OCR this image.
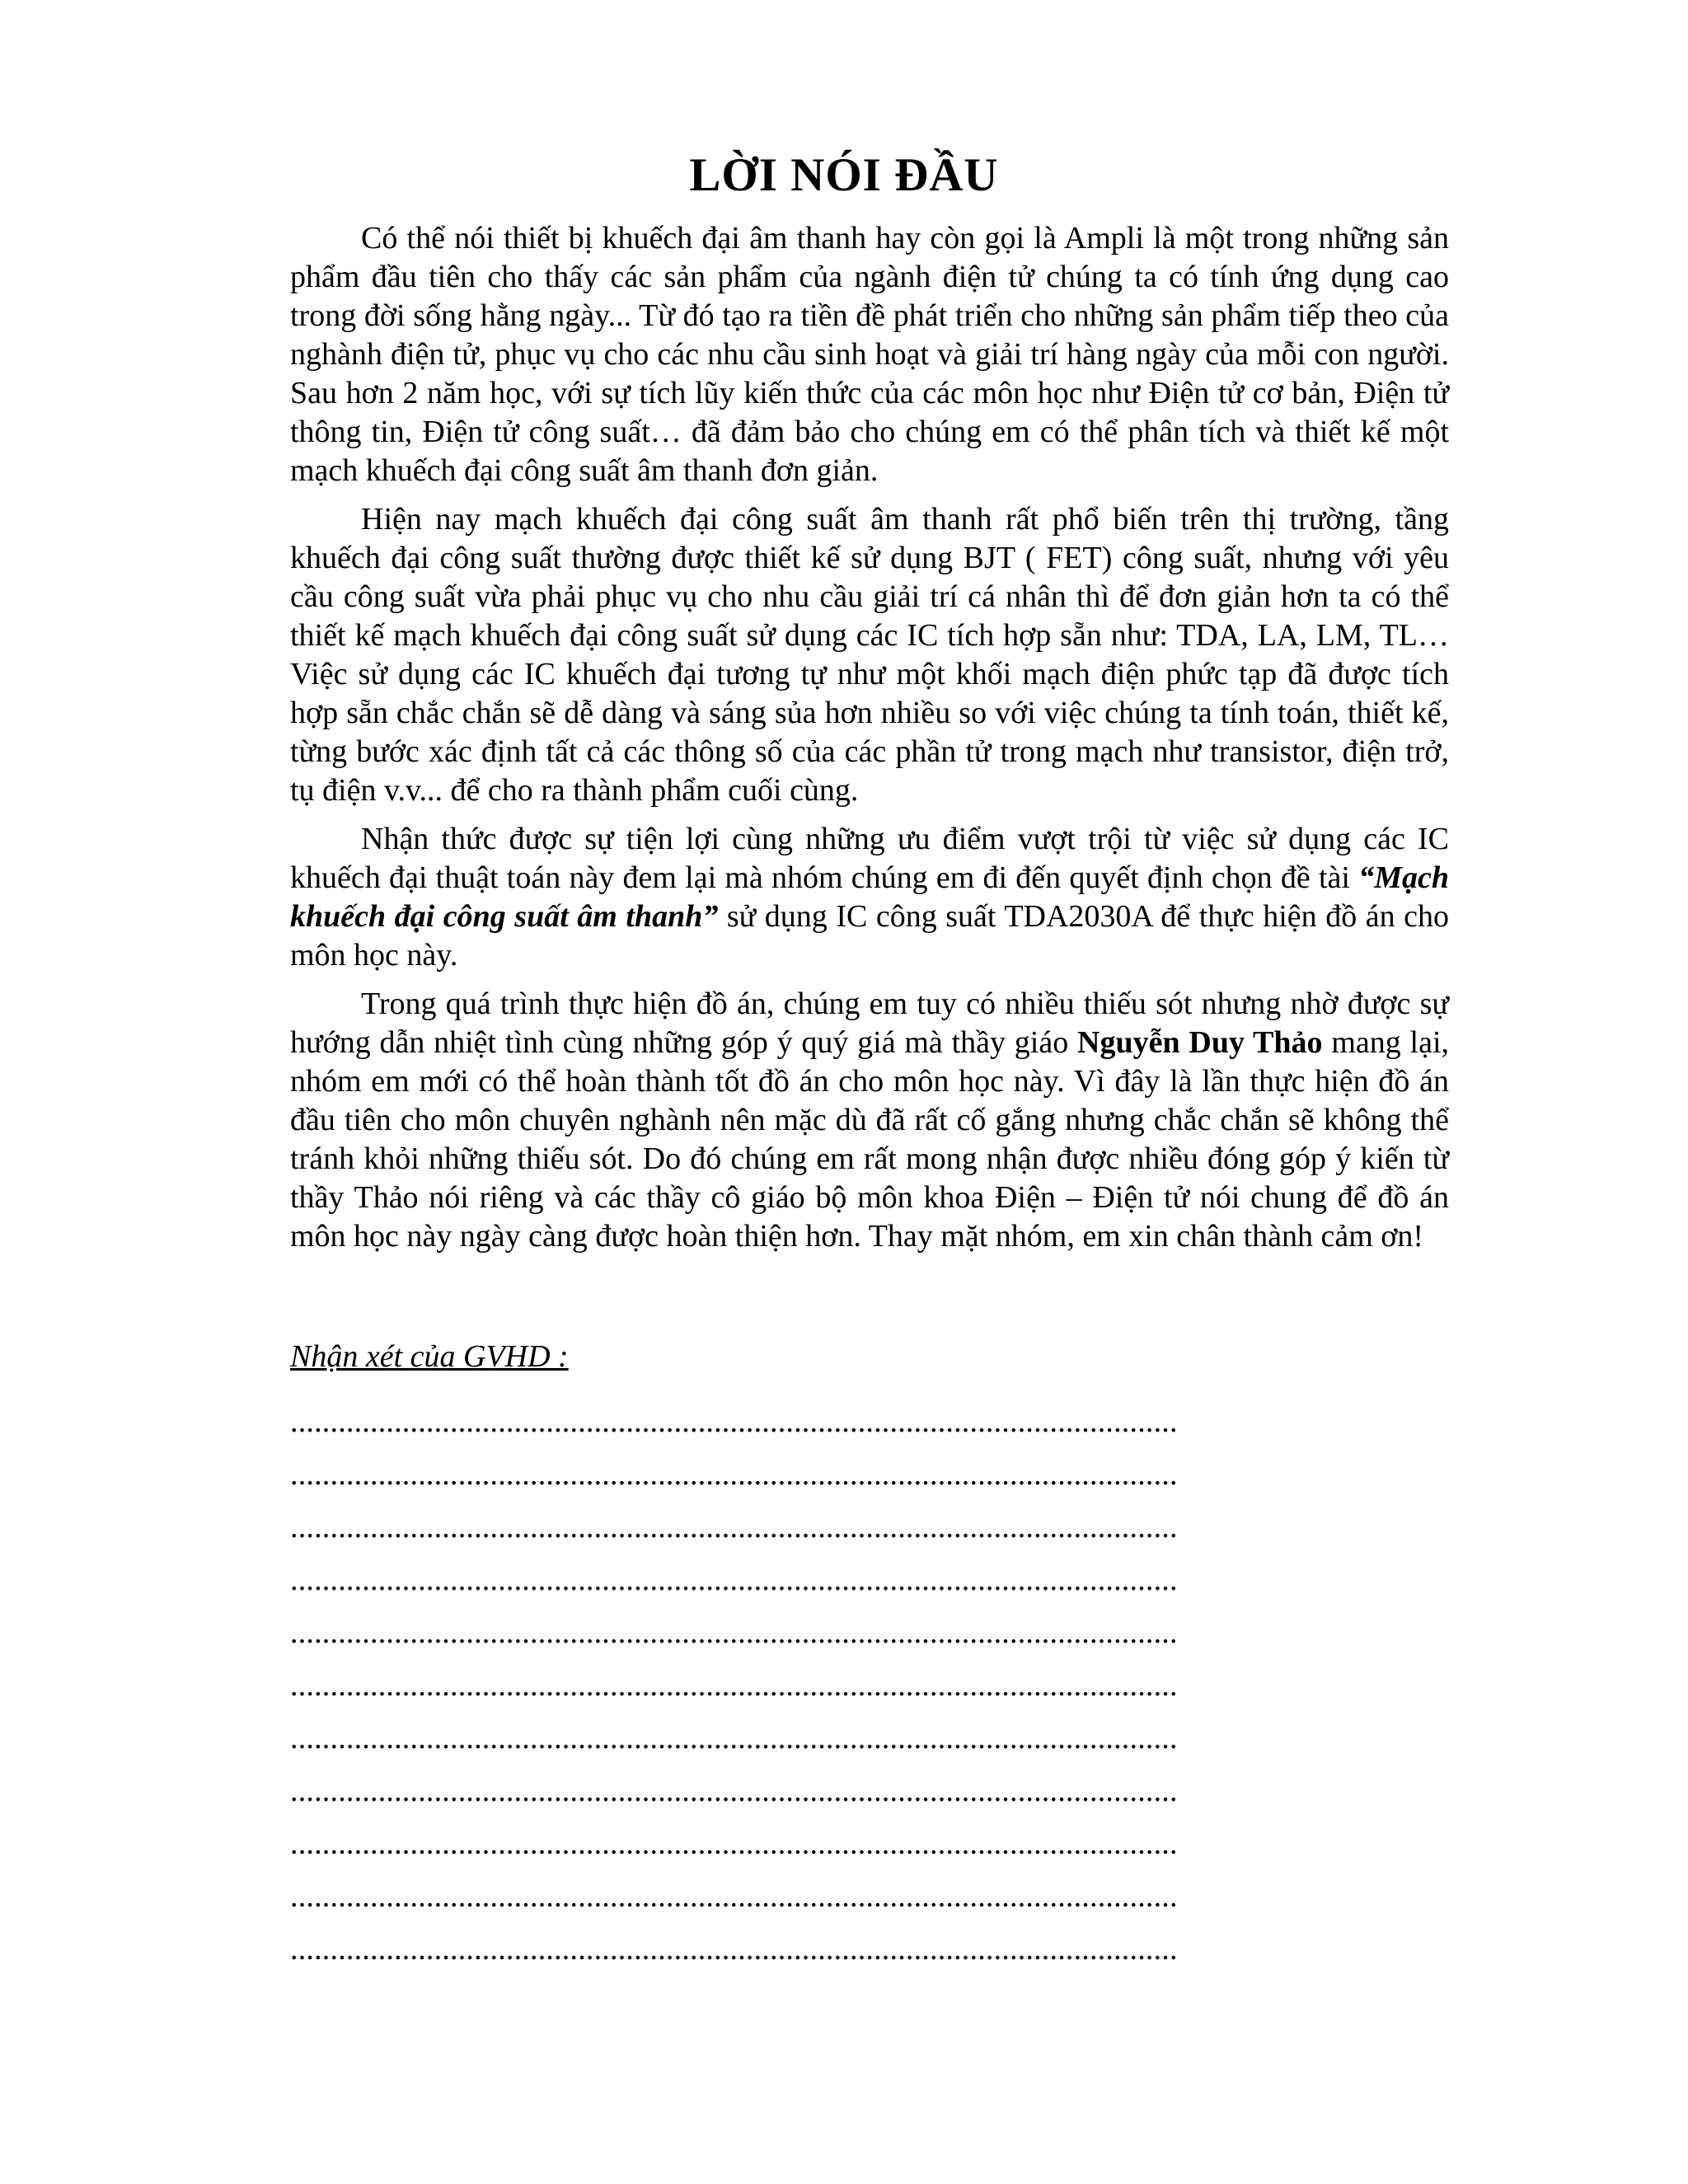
LỜI NÓI ĐẦU

Có thể nói thiết bị khuếch đại âm thanh hay còn gọi là Ampli là một trong những sản phẩm đầu tiên cho thấy các sản phẩm của ngành điện tử chúng ta có tính ứng dụng cao trong đời sống hằng ngày... Từ đó tạo ra tiền đề phát triển cho những sản phẩm tiếp theo của nghành điện tử, phục vụ cho các nhu cầu sinh hoạt và giải trí hàng ngày của mỗi con người. Sau hơn 2 năm học, với sự tích lũy kiến thức của các môn học như Điện tử cơ bản, Điện tử thông tin, Điện tử công suất… đã đảm bảo cho chúng em có thể phân tích và thiết kế một mạch khuếch đại công suất âm thanh đơn giản.

Hiện nay mạch khuếch đại công suất âm thanh rất phổ biến trên thị trường, tầng khuếch đại công suất thường được thiết kế sử dụng BJT ( FET) công suất, nhưng với yêu cầu công suất vừa phải phục vụ cho nhu cầu giải trí cá nhân thì để đơn giản hơn ta có thể thiết kế mạch khuếch đại công suất sử dụng các IC tích hợp sẵn như: TDA, LA, LM, TL… Việc sử dụng các IC khuếch đại tương tự như một khối mạch điện phức tạp đã được tích hợp sẵn chắc chắn sẽ dễ dàng và sáng sủa hơn nhiều so với việc chúng ta tính toán, thiết kế, từng bước xác định tất cả các thông số của các phần tử trong mạch như transistor, điện trở, tụ điện v.v... để cho ra thành phẩm cuối cùng.

Nhận thức được sự tiện lợi cùng những ưu điểm vượt trội từ việc sử dụng các IC khuếch đại thuật toán này đem lại mà nhóm chúng em đi đến quyết định chọn đề tài “Mạch khuếch đại công suất âm thanh” sử dụng IC công suất TDA2030A để thực hiện đồ án cho môn học này.

Trong quá trình thực hiện đồ án, chúng em tuy có nhiều thiếu sót nhưng nhờ được sự hướng dẫn nhiệt tình cùng những góp ý quý giá mà thầy giáo Nguyễn Duy Thảo mang lại, nhóm em mới có thể hoàn thành tốt đồ án cho môn học này. Vì đây là lần thực hiện đồ án đầu tiên cho môn chuyên nghành nên mặc dù đã rất cố gắng nhưng chắc chắn sẽ không thể tránh khỏi những thiếu sót. Do đó chúng em rất mong nhận được nhiều đóng góp ý kiến từ thầy Thảo nói riêng và các thầy cô giáo bộ môn khoa Điện – Điện tử nói chung để đồ án môn học này ngày càng được hoàn thiện hơn. Thay mặt nhóm, em xin chân thành cảm ơn!

Nhận xét của GVHD :

...............................................................................................................
...............................................................................................................
...............................................................................................................
...............................................................................................................
...............................................................................................................
...............................................................................................................
...............................................................................................................
...............................................................................................................
...............................................................................................................
...............................................................................................................
...............................................................................................................
